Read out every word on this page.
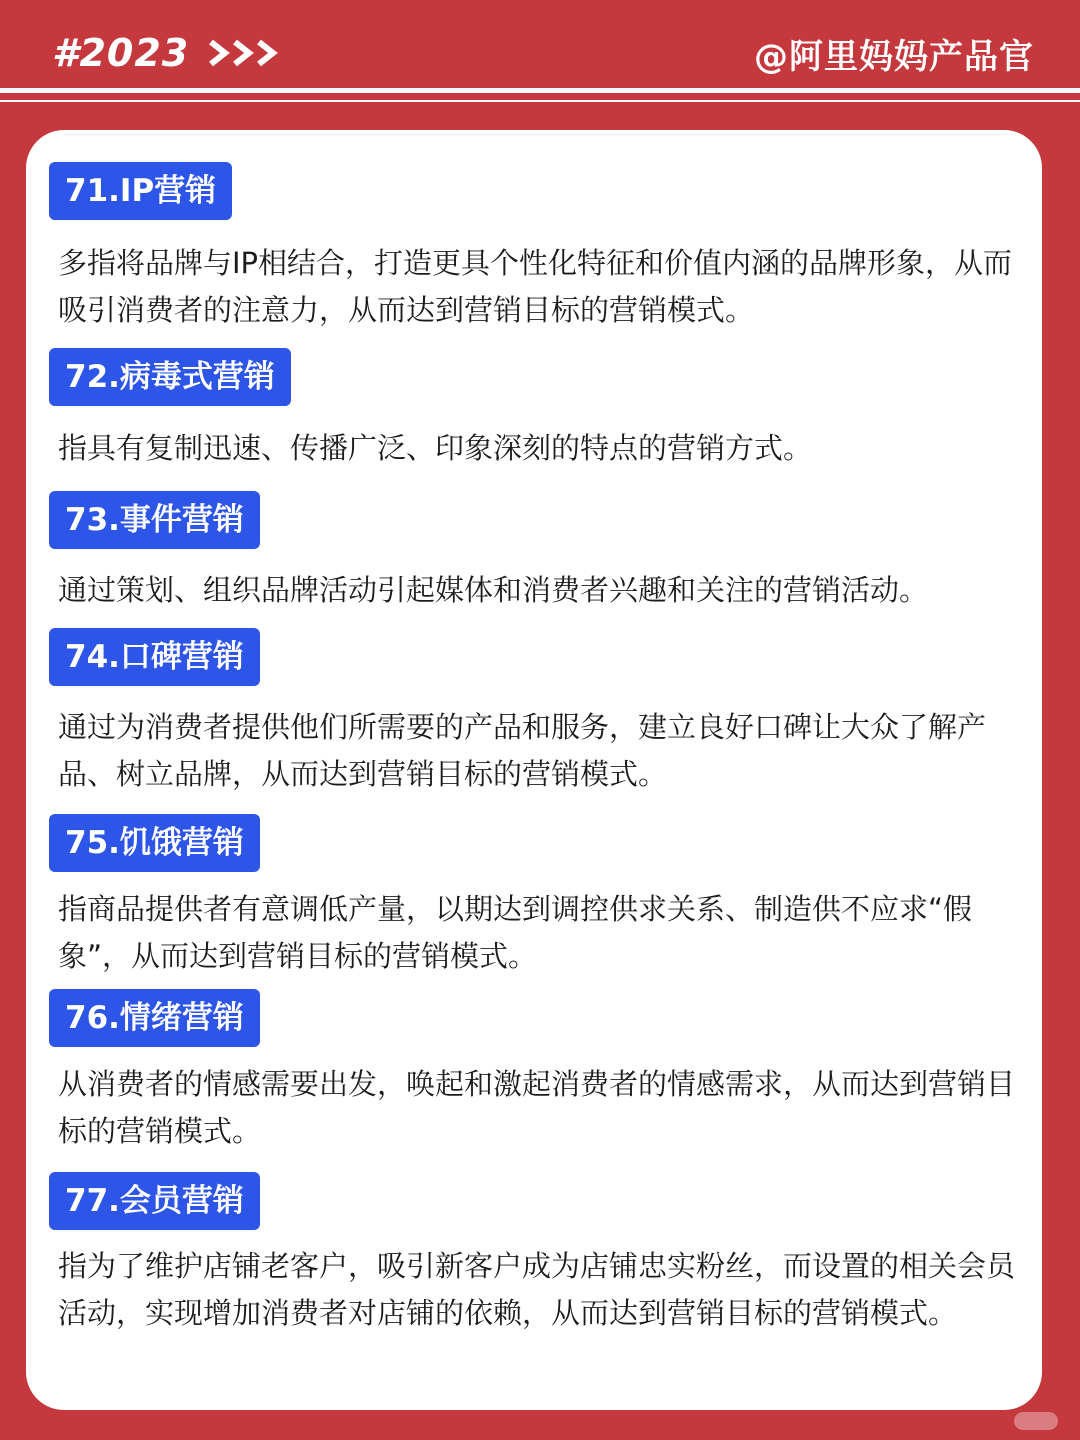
#2023	@阿里妈妈产品官
71.IP营销

多指将品牌与IP相结合，打造更具个性化特征和价值内涵的品牌形象，从而吸引消费者的注意力，从而达到营销目标的营销模式。

72.病毒式营销

指具有复制迅速、传播广泛、印象深刻的特点的营销方式。

73.事件营销

通过策划、组织品牌活动引起媒体和消费者兴趣和关注的营销活动。

74.口碑营销

通过为消费者提供他们所需要的产品和服务，建立良好口碑让大众了解产品、树立品牌，从而达到营销目标的营销模式。

75.饥饿营销

指商品提供者有意调低产量，以期达到调控供求关系、制造供不应求“假象”，从而达到营销目标的营销模式。

76.情绪营销

从消费者的情感需要出发，唤起和激起消费者的情感需求，从而达到营销目标的营销模式。

77.会员营销

指为了维护店铺老客户，吸引新客户成为店铺忠实粉丝，而设置的相关会员活动，实现增加消费者对店铺的依赖，从而达到营销目标的营销模式。
